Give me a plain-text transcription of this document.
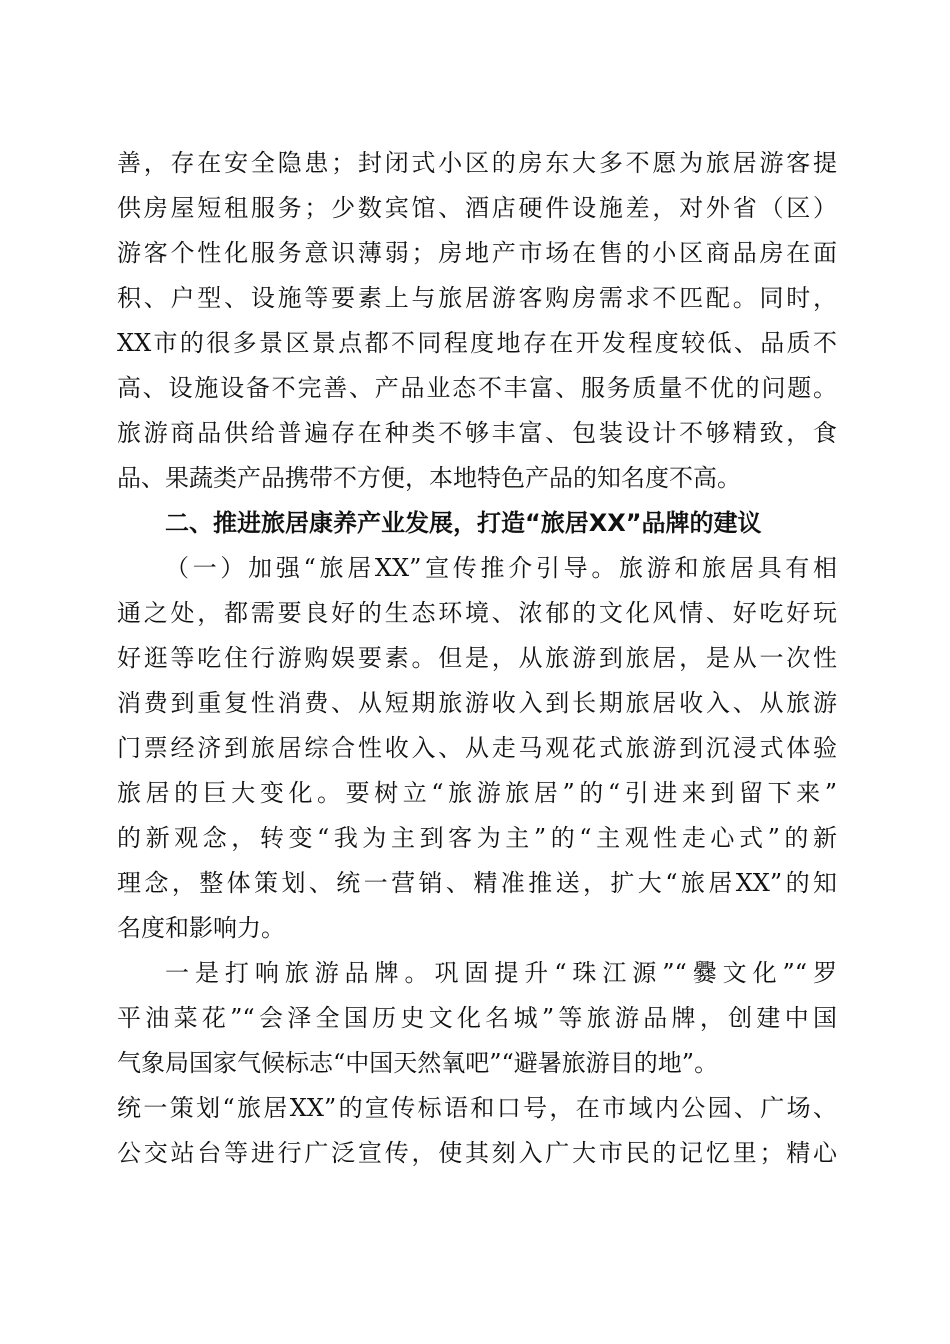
善，存在安全隐患；封闭式小区的房东大多不愿为旅居游客提

供房屋短租服务；少数宾馆、酒店硬件设施差，对外省（区）

游客个性化服务意识薄弱；房地产市场在售的小区商品房在面

积、户型、设施等要素上与旅居游客购房需求不匹配。同时，

XX市的很多景区景点都不同程度地存在开发程度较低、品质不

高、设施设备不完善、产品业态不丰富、服务质量不优的问题。

旅游商品供给普遍存在种类不够丰富、包装设计不够精致，食

品、果蔬类产品携带不方便，本地特色产品的知名度不高。

二、推进旅居康养产业发展，打造“旅居XX”品牌的建议

（一）加强“旅居XX”宣传推介引导。旅游和旅居具有相

通之处，都需要良好的生态环境、浓郁的文化风情、好吃好玩

好逛等吃住行游购娱要素。但是，从旅游到旅居，是从一次性

消费到重复性消费、从短期旅游收入到长期旅居收入、从旅游

门票经济到旅居综合性收入、从走马观花式旅游到沉浸式体验

旅居的巨大变化。要树立“旅游旅居”的“引进来到留下来”

的新观念，转变“我为主到客为主”的“主观性走心式”的新

理念，整体策划、统一营销、精准推送，扩大“旅居XX”的知

名度和影响力。

一是打响旅游品牌。巩固提升“珠江源”“爨文化”“罗

平油菜花”“会泽全国历史文化名城”等旅游品牌，创建中国

气象局国家气候标志“中国天然氧吧”“避暑旅游目的地”。

统一策划“旅居XX”的宣传标语和口号，在市域内公园、广场、

公交站台等进行广泛宣传，使其刻入广大市民的记忆里；精心
